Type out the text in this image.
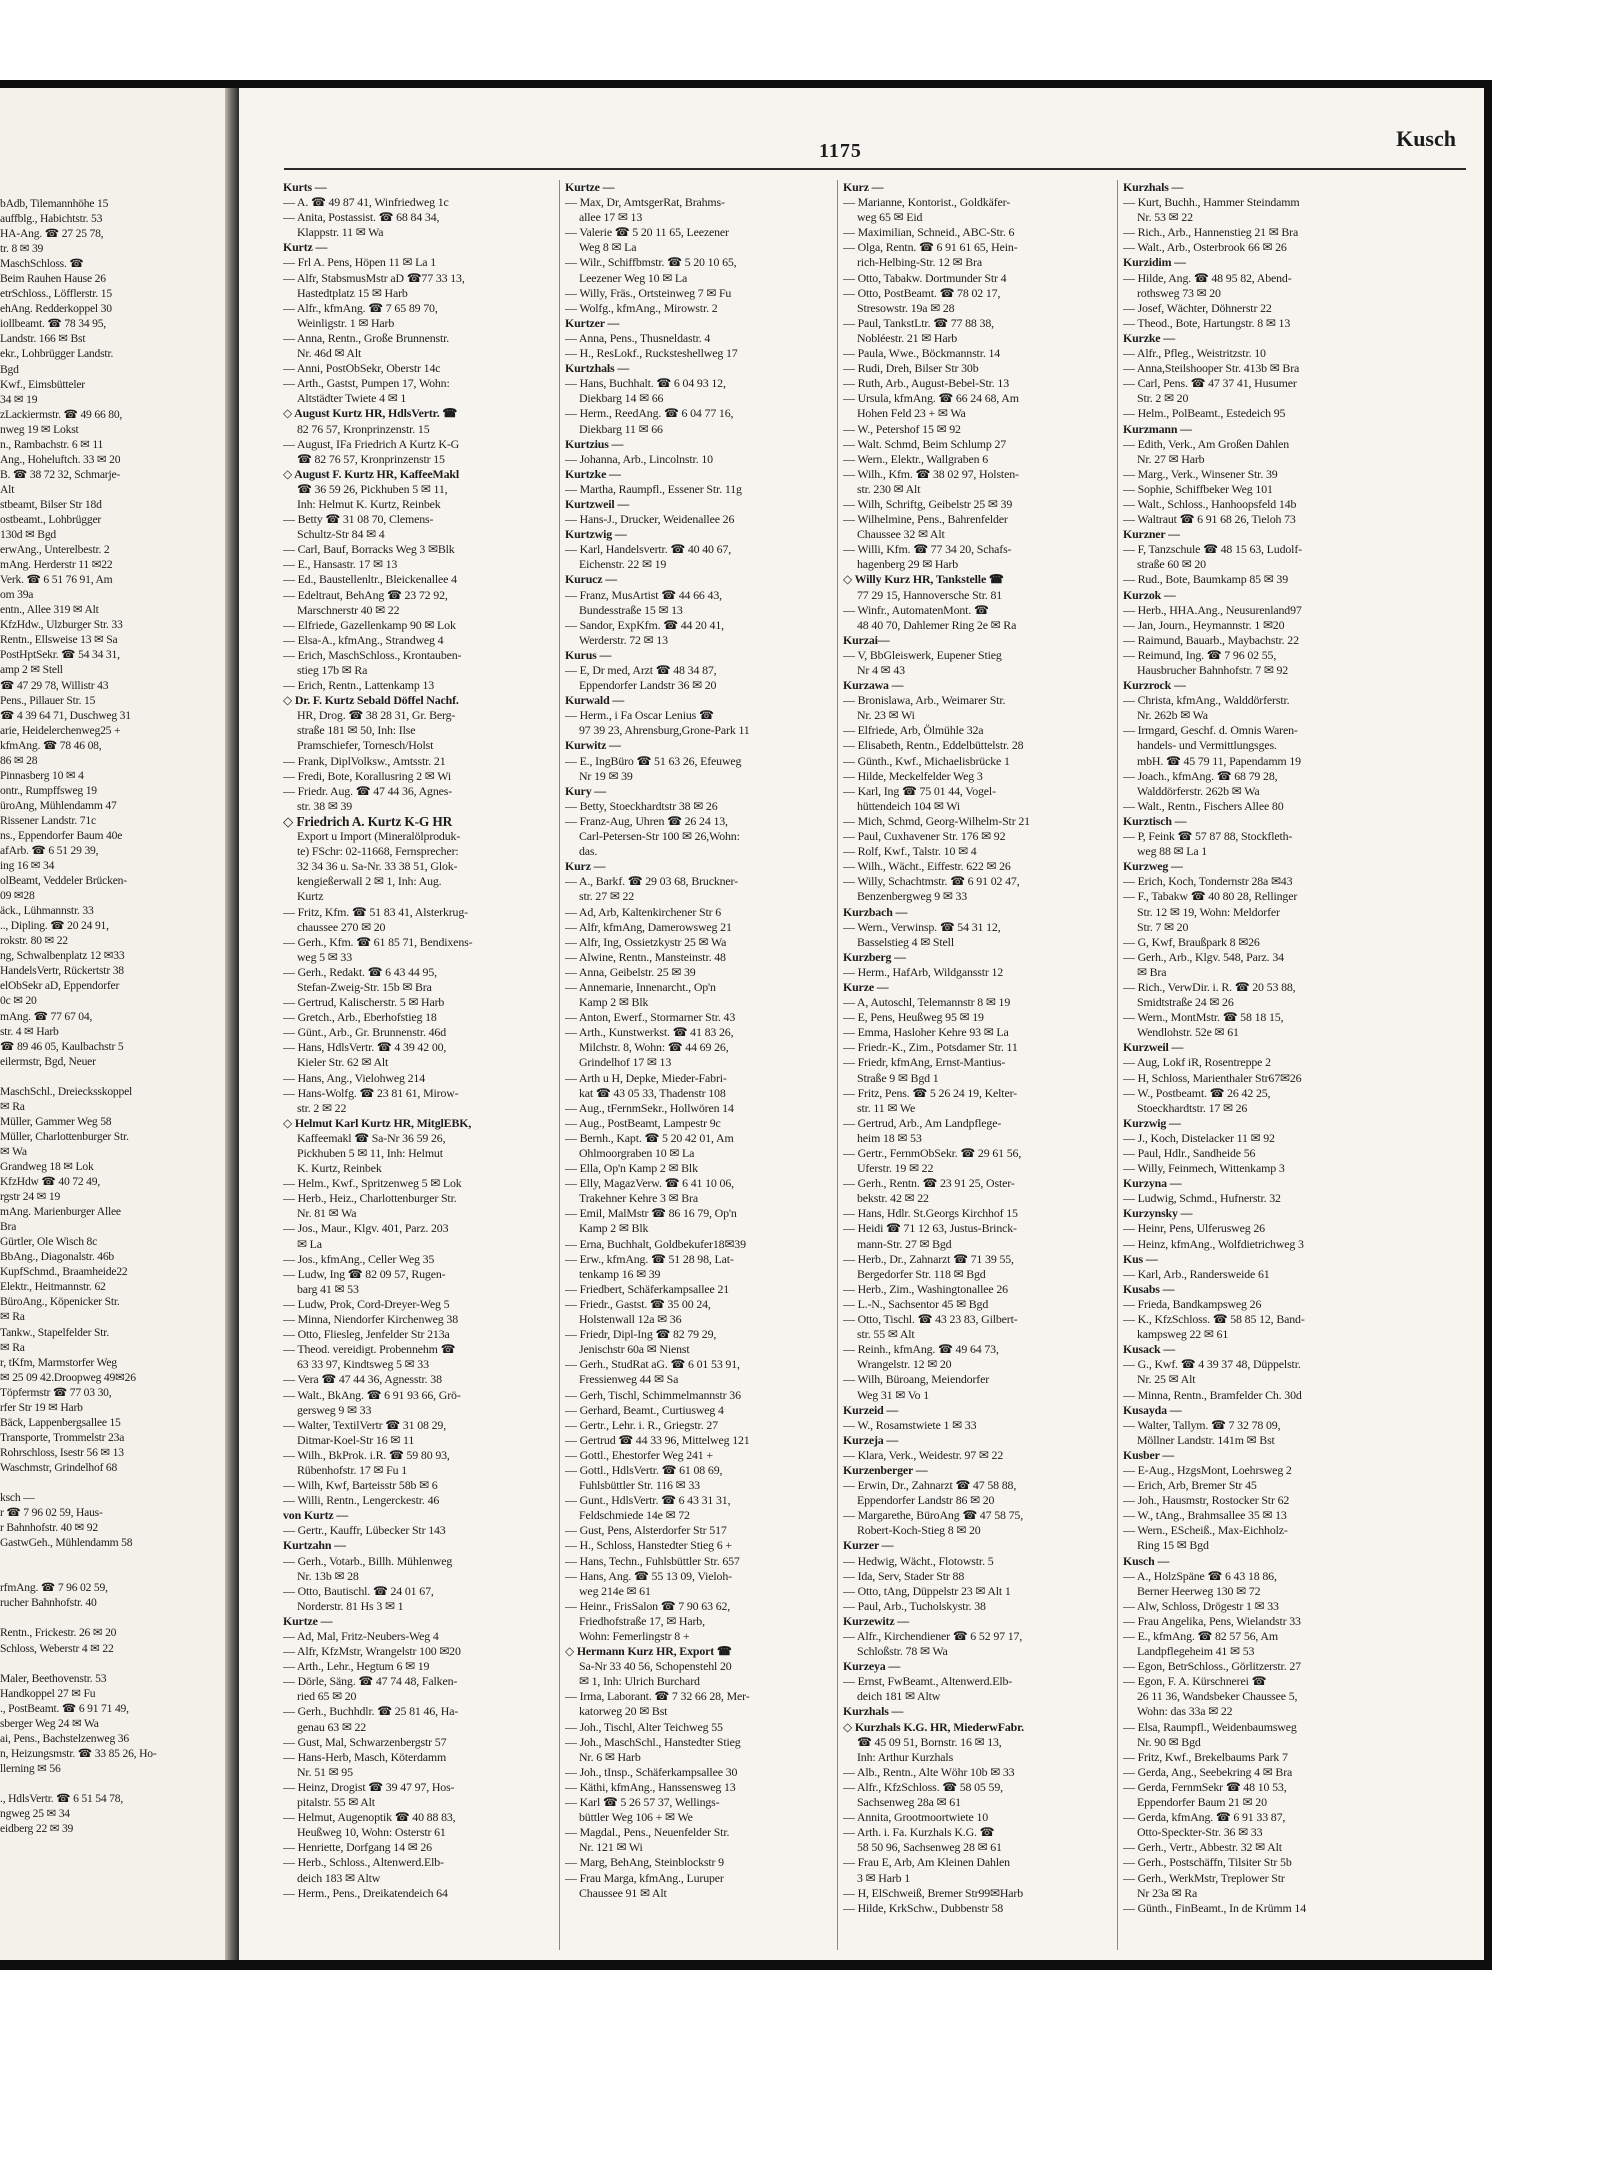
bAdb, Tilemannhöhe 15
auffblg., Habichtstr. 53
HA-Ang. ☎ 27 25 78,
tr. 8 ✉ 39
MaschSchloss. ☎
Beim Rauhen Hause 26
etrSchloss., Löfflerstr. 15
ehAng. Redderkoppel 30
iollbeamt. ☎ 78 34 95,
Landstr. 166 ✉ Bst
ekr., Lohbrügger Landstr.
Bgd
Kwf., Eimsbütteler
34 ✉ 19
zLackiermstr. ☎ 49 66 80,
nweg 19 ✉ Lokst
n., Rambachstr. 6 ✉ 11
Ang., Hoheluftch. 33 ✉ 20
B. ☎ 38 72 32, Schmarje-
Alt
stbeamt, Bilser Str 18d
ostbeamt., Lohbrügger
130d ✉ Bgd
erwAng., Unterelbestr. 2
mAng. Herderstr 11 ✉22
Verk. ☎ 6 51 76 91, Am
om 39a
entn., Allee 319 ✉ Alt
KfzHdw., Ulzburger Str. 33
Rentn., Ellsweise 13 ✉ Sa
PostHptSekr. ☎ 54 34 31,
amp 2 ✉ Stell
☎ 47 29 78, Willistr 43
Pens., Pillauer Str. 15
☎ 4 39 64 71, Duschweg 31
arie, Heidelerchenweg25 +
kfmAng. ☎ 78 46 08,
86 ✉ 28
Pinnasberg 10 ✉ 4
ontr., Rumpffsweg 19
ürоAng, Mühlendamm 47
Rissener Landstr. 71c
ns., Eppendorfer Baum 40e
afArb. ☎ 6 51 29 39,
ing 16 ✉ 34
olBeamt, Veddeler Brücken-
09 ✉28
äck., Lühmannstr. 33
.., Dipling. ☎ 20 24 91,
rokstr. 80 ✉ 22
ng, Schwalbenplatz 12 ✉33
HandelsVertr, Rückertstr 38
elObSekr aD, Eppendorfer
0c ✉ 20
mAng. ☎ 77 67 04,
str. 4 ✉ Harb
☎ 89 46 05, Kaulbachstr 5
eilermstr, Bgd, Neuer

MaschSchl., Dreiecksskoppel
✉ Ra
Müller, Gammer Weg 58
Müller, Charlottenburger Str.
✉ Wa
Grandweg 18 ✉ Lok
KfzHdw ☎ 40 72 49,
rgstr 24 ✉ 19
mAng. Marienburger Allee
Bra
Gürtler, Ole Wisch 8c
BbAng., Diagonalstr. 46b
KupfSchmd., Braamheide22
Elektr., Heitmannstr. 62
BüroAng., Köpenicker Str.
✉ Ra
Tankw., Stapelfelder Str.
✉ Ra
r, tKfm, Marmstorfer Weg
✉ 25 09 42.Droopweg 49✉26
Töpfermstr ☎ 77 03 30,
rfer Str 19 ✉ Harb
Bäck, Lappenbergsallee 15
Transporte, Trommelstr 23a
Rohrschloss, Isestr 56 ✉ 13
Waschmstr, Grindelhof 68

ksch —
r ☎ 7 96 02 59, Haus-
r Bahnhofstr. 40 ✉ 92
GastwGeh., Mühlendamm 58

rfmAng. ☎ 7 96 02 59,
rucher Bahnhofstr. 40

Rentn., Frickestr. 26 ✉ 20
Schloss, Weberstr 4 ✉ 22

Maler, Beethovenstr. 53
Handkoppel 27 ✉ Fu
., PostBeamt. ☎ 6 91 71 49,
sberger Weg 24 ✉ Wa
ai, Pens., Bachstelzenweg 36
n, Heizungsmstr. ☎ 33 85 26, Ho-
llerning ✉ 56

., HdlsVertr. ☎ 6 51 54 78,
ngweg 25 ✉ 34
eidberg 22 ✉ 39
1175	Kusch
Kurts —
— A. ☎ 49 87 41, Winfriedweg 1c
— Anita, Postassist. ☎ 68 84 34,
Klappstr. 11 ✉ Wa
Kurtz —
— Frl A. Pens, Höpen 11 ✉ La 1
— Alfr, StabsmusMstr aD ☎77 33 13,
Hastedtplatz 15 ✉ Harb
— Alfr., kfmAng. ☎ 7 65 89 70,
Weinligstr. 1 ✉ Harb
— Anna, Rentn., Große Brunnenstr.
Nr. 46d ✉ Alt
— Anni, PostObSekr, Oberstr 14c
— Arth., Gastst, Pumpen 17, Wohn:
Altstädter Twiete 4 ✉ 1
◇ August Kurtz HR, HdlsVertr. ☎
82 76 57, Kronprinzenstr. 15
— August, IFa Friedrich A Kurtz K-G
☎ 82 76 57, Kronprinzenstr 15
◇ August F. Kurtz HR, KaffeeMakl
☎ 36 59 26, Pickhuben 5 ✉ 11,
Inh: Helmut K. Kurtz, Reinbek
— Betty ☎ 31 08 70, Clemens-
Schultz-Str 84 ✉ 4
— Carl, Bauf, Borracks Weg 3 ✉Blk
— E., Hansastr. 17 ✉ 13
— Ed., Baustellenltr., Bleickenallee 4
— Edeltraut, BehAng ☎ 23 72 92,
Marschnerstr 40 ✉ 22
— Elfriede, Gazellenkamp 90 ✉ Lok
— Elsa-A., kfmAng., Strandweg 4
— Erich, MaschSchloss., Krontauben-
stieg 17b ✉ Ra
— Erich, Rentn., Lattenkamp 13
◇ Dr. F. Kurtz Sebald Döffel Nachf.
HR, Drog. ☎ 38 28 31, Gr. Berg-
straße 181 ✉ 50, Inh: Ilse
Pramschiefer, Tornesch/Holst
— Frank, DiplVolksw., Amtsstr. 21
— Fredi, Bote, Korallusring 2 ✉ Wi
— Friedr. Aug. ☎ 47 44 36, Agnes-
str. 38 ✉ 39
◇ Friedrich A. Kurtz K-G HR
Export u Import (Mineralölproduk-
te) FSchr: 02-11668, Fernsprecher:
32 34 36 u. Sa-Nr. 33 38 51, Glok-
kengießerwall 2 ✉ 1, Inh: Aug.
Kurtz
— Fritz, Kfm. ☎ 51 83 41, Alsterkrug-
chaussee 270 ✉ 20
— Gerh., Kfm. ☎ 61 85 71, Bendixens-
weg 5 ✉ 33
— Gerh., Redakt. ☎ 6 43 44 95,
Stefan-Zweig-Str. 15b ✉ Bra
— Gertrud, Kalischerstr. 5 ✉ Harb
— Gretch., Arb., Eberhofstieg 18
— Günt., Arb., Gr. Brunnenstr. 46d
— Hans, HdlsVertr. ☎ 4 39 42 00,
Kieler Str. 62 ✉ Alt
— Hans, Ang., Vielohweg 214
— Hans-Wolfg. ☎ 23 81 61, Mirow-
str. 2 ✉ 22
◇ Helmut Karl Kurtz HR, MitglEBK,
Kaffeemakl ☎ Sa-Nr 36 59 26,
Pickhuben 5 ✉ 11, Inh: Helmut
K. Kurtz, Reinbek
— Helm., Kwf., Spritzenweg 5 ✉ Lok
— Herb., Heiz., Charlottenburger Str.
Nr. 81 ✉ Wa
— Jos., Maur., Klgv. 401, Parz. 203
✉ La
— Jos., kfmAng., Celler Weg 35
— Ludw, Ing ☎ 82 09 57, Rugen-
barg 41 ✉ 53
— Ludw, Prok, Cord-Dreyer-Weg 5
— Minna, Niendorfer Kirchenweg 38
— Otto, Fliesleg, Jenfelder Str 213a
— Theod. vereidigt. Probennehm ☎
63 33 97, Kindtsweg 5 ✉ 33
— Vera ☎ 47 44 36, Agnesstr. 38
— Walt., BkAng. ☎ 6 91 93 66, Grö-
gersweg 9 ✉ 33
— Walter, TextilVertr ☎ 31 08 29,
Ditmar-Koel-Str 16 ✉ 11
— Wilh., BkProk. i.R. ☎ 59 80 93,
Rübenhofstr. 17 ✉ Fu 1
— Wilh, Kwf, Barteisstr 58b ✉ 6
— Willi, Rentn., Lengerckestr. 46
von Kurtz —
— Gertr., Kauffr, Lübecker Str 143
Kurtzahn —
— Gerh., Votarb., Billh. Mühlenweg
Nr. 13b ✉ 28
— Otto, Bautischl. ☎ 24 01 67,
Norderstr. 81 Hs 3 ✉ 1
Kurtze —
— Ad, Mal, Fritz-Neubers-Weg 4
— Alfr, KfzMstr, Wrangelstr 100 ✉20
— Arth., Lehr., Hegtum 6 ✉ 19
— Dörle, Säng. ☎ 47 74 48, Falken-
ried 65 ✉ 20
— Gerh., Buchhdlr. ☎ 25 81 46, Ha-
genau 63 ✉ 22
— Gust, Mal, Schwarzenbergstr 57
— Hans-Herb, Masch, Köterdamm
Nr. 51 ✉ 95
— Heinz, Drogist ☎ 39 47 97, Hos-
pitalstr. 55 ✉ Alt
— Helmut, Augenoptik ☎ 40 88 83,
Heußweg 10, Wohn: Osterstr 61
— Henriette, Dorfgang 14 ✉ 26
— Herb., Schloss., Altenwerd.Elb-
deich 183 ✉ Altw
— Herm., Pens., Dreikatendeich 64
Kurtze —
— Max, Dr, AmtsgerRat, Brahms-
allee 17 ✉ 13
— Valerie ☎ 5 20 11 65, Leezener
Weg 8 ✉ La
— Wilr., Schiffbmstr. ☎ 5 20 10 65,
Leezener Weg 10 ✉ La
— Willy, Fräs., Ortsteinweg 7 ✉ Fu
— Wolfg., kfmAng., Mirowstr. 2
Kurtzer —
— Anna, Pens., Thusneldastr. 4
— H., ResLokf., Rucksteshellweg 17
Kurtzhals —
— Hans, Buchhalt. ☎ 6 04 93 12,
Diekbarg 14 ✉ 66
— Herm., ReedAng. ☎ 6 04 77 16,
Diekbarg 11 ✉ 66
Kurtzius —
— Johanna, Arb., Lincolnstr. 10
Kurtzke —
— Martha, Raumpfl., Essener Str. 11g
Kurtzweil —
— Hans-J., Drucker, Weidenallee 26
Kurtzwig —
— Karl, Handelsvertr. ☎ 40 40 67,
Eichenstr. 22 ✉ 19
Kurucz —
— Franz, MusArtist ☎ 44 66 43,
Bundesstraße 15 ✉ 13
— Sandor, ExpKfm. ☎ 44 20 41,
Werderstr. 72 ✉ 13
Kurus —
— E, Dr med, Arzt ☎ 48 34 87,
Eppendorfer Landstr 36 ✉ 20
Kurwald —
— Herm., i Fa Oscar Lenius ☎
97 39 23, Ahrensburg,Grone-Park 11
Kurwitz —
— E., IngBüro ☎ 51 63 26, Efeuweg
Nr 19 ✉ 39
Kury —
— Betty, Stoeckhardtstr 38 ✉ 26
— Franz-Aug, Uhren ☎ 26 24 13,
Carl-Petersen-Str 100 ✉ 26,Wohn:
das.
Kurz —
— A., Barkf. ☎ 29 03 68, Bruckner-
str. 27 ✉ 22
— Ad, Arb, Kaltenkirchener Str 6
— Alfr, kfmAng, Damerowsweg 21
— Alfr, Ing, Ossietzkystr 25 ✉ Wa
— Alwine, Rentn., Mansteinstr. 48
— Anna, Geibelstr. 25 ✉ 39
— Annemarie, Innenarcht., Op'n
Kamp 2 ✉ Blk
— Anton, Ewerf., Stormarner Str. 43
— Arth., Kunstwerkst. ☎ 41 83 26,
Milchstr. 8, Wohn: ☎ 44 69 26,
Grindelhof 17 ✉ 13
— Arth u H, Depke, Mieder-Fabri-
kat ☎ 43 05 33, Thadenstr 108
— Aug., tFernmSekr., Hollwören 14
— Aug., PostBeamt, Lampestr 9c
— Bernh., Kapt. ☎ 5 20 42 01, Am
Ohlmoorgraben 10 ✉ La
— Ella, Op'n Kamp 2 ✉ Blk
— Elly, MagazVerw. ☎ 6 41 10 06,
Trakehner Kehre 3 ✉ Bra
— Emil, MalMstr ☎ 86 16 79, Op'n
Kamp 2 ✉ Blk
— Erna, Buchhalt, Goldbekufer18✉39
— Erw., kfmAng. ☎ 51 28 98, Lat-
tenkamp 16 ✉ 39
— Friedbert, Schäferkampsallee 21
— Friedr., Gastst. ☎ 35 00 24,
Holstenwall 12a ✉ 36
— Friedr, Dipl-Ing ☎ 82 79 29,
Jenischstr 60a ✉ Nienst
— Gerh., StudRat aG. ☎ 6 01 53 91,
Fressienweg 44 ✉ Sa
— Gerh, Tischl, Schimmelmannstr 36
— Gerhard, Beamt., Curtiusweg 4
— Gertr., Lehr. i. R., Griegstr. 27
— Gertrud ☎ 44 33 96, Mittelweg 121
— Gottl., Ehestorfer Weg 241 +
— Gottl., HdlsVertr. ☎ 61 08 69,
Fuhlsbüttler Str. 116 ✉ 33
— Gunt., HdlsVertr. ☎ 6 43 31 31,
Feldschmiede 14e ✉ 72
— Gust, Pens, Alsterdorfer Str 517
— H., Schloss, Hanstedter Stieg 6 +
— Hans, Techn., Fuhlsbüttler Str. 657
— Hans, Ang. ☎ 55 13 09, Vieloh-
weg 214e ✉ 61
— Heinr., FrisSalon ☎ 7 90 63 62,
Friedhofstraße 17, ✉ Harb,
Wohn: Femerlingstr 8 +
◇ Hermann Kurz HR, Export ☎
Sa-Nr 33 40 56, Schopenstehl 20
✉ 1, Inh: Ulrich Burchard
— Irma, Laborant. ☎ 7 32 66 28, Mer-
katorweg 20 ✉ Bst
— Joh., Tischl, Alter Teichweg 55
— Joh., MaschSchl., Hanstedter Stieg
Nr. 6 ✉ Harb
— Joh., tInsp., Schäferkampsallee 30
— Käthi, kfmAng., Hanssensweg 13
— Karl ☎ 5 26 57 37, Wellings-
büttler Weg 106 + ✉ We
— Magdal., Pens., Neuenfelder Str.
Nr. 121 ✉ Wi
— Marg, BehAng, Steinblockstr 9
— Frau Marga, kfmAng., Luruper
Chaussee 91 ✉ Alt
Kurz —
— Marianne, Kontorist., Goldkäfer-
weg 65 ✉ Eid
— Maximilian, Schneid., ABC-Str. 6
— Olga, Rentn. ☎ 6 91 61 65, Hein-
rich-Helbing-Str. 12 ✉ Bra
— Otto, Tabakw. Dortmunder Str 4
— Otto, PostBeamt. ☎ 78 02 17,
Stresowstr. 19a ✉ 28
— Paul, TankstLtr. ☎ 77 88 38,
Nobléestr. 21 ✉ Harb
— Paula, Wwe., Böckmannstr. 14
— Rudi, Dreh, Bilser Str 30b
— Ruth, Arb., August-Bebel-Str. 13
— Ursula, kfmAng. ☎ 66 24 68, Am
Hohen Feld 23 + ✉ Wa
— W., Petershof 15 ✉ 92
— Walt. Schmd, Beim Schlump 27
— Wern., Elektr., Wallgraben 6
— Wilh., Kfm. ☎ 38 02 97, Holsten-
str. 230 ✉ Alt
— Wilh, Schriftg, Geibelstr 25 ✉ 39
— Wilhelmine, Pens., Bahrenfelder
Chaussee 32 ✉ Alt
— Willi, Kfm. ☎ 77 34 20, Schafs-
hagenberg 29 ✉ Harb
◇ Willy Kurz HR, Tankstelle ☎
77 29 15, Hannoversche Str. 81
— Winfr., AutomatenMont. ☎
48 40 70, Dahlemer Ring 2e ✉ Ra
Kurzai—
— V, BbGleiswerk, Eupener Stieg
Nr 4 ✉ 43
Kurzawa —
— Bronislawa, Arb., Weimarer Str.
Nr. 23 ✉ Wi
— Elfriede, Arb, Ölmühle 32a
— Elisabeth, Rentn., Eddelbüttelstr. 28
— Günth., Kwf., Michaelisbrücke 1
— Hilde, Meckelfelder Weg 3
— Karl, Ing ☎ 75 01 44, Vogel-
hüttendeich 104 ✉ Wi
— Mich, Schmd, Georg-Wilhelm-Str 21
— Paul, Cuxhavener Str. 176 ✉ 92
— Rolf, Kwf., Talstr. 10 ✉ 4
— Wilh., Wächt., Eiffestr. 622 ✉ 26
— Willy, Schachtmstr. ☎ 6 91 02 47,
Benzenbergweg 9 ✉ 33
Kurzbach —
— Wern., Verwinsp. ☎ 54 31 12,
Basselstieg 4 ✉ Stell
Kurzberg —
— Herm., HafArb, Wildgansstr 12
Kurze —
— A, Autoschl, Telemannstr 8 ✉ 19
— E, Pens, Heußweg 95 ✉ 19
— Emma, Hasloher Kehre 93 ✉ La
— Friedr.-K., Zim., Potsdamer Str. 11
— Friedr, kfmAng, Ernst-Mantius-
Straße 9 ✉ Bgd 1
— Fritz, Pens. ☎ 5 26 24 19, Kelter-
str. 11 ✉ We
— Gertrud, Arb., Am Landpflege-
heim 18 ✉ 53
— Gertr., FernmObSekr. ☎ 29 61 56,
Uferstr. 19 ✉ 22
— Gerh., Rentn. ☎ 23 91 25, Oster-
bekstr. 42 ✉ 22
— Hans, Hdlr. St.Georgs Kirchhof 15
— Heidi ☎ 71 12 63, Justus-Brinck-
mann-Str. 27 ✉ Bgd
— Herb., Dr., Zahnarzt ☎ 71 39 55,
Bergedorfer Str. 118 ✉ Bgd
— Herb., Zim., Washingtonallee 26
— L.-N., Sachsentor 45 ✉ Bgd
— Otto, Tischl. ☎ 43 23 83, Gilbert-
str. 55 ✉ Alt
— Reinh., kfmAng. ☎ 49 64 73,
Wrangelstr. 12 ✉ 20
— Wilh, Büroang, Meiendorfer
Weg 31 ✉ Vo 1
Kurzeid —
— W., Rosamstwiete 1 ✉ 33
Kurzeja —
— Klara, Verk., Weidestr. 97 ✉ 22
Kurzenberger —
— Erwin, Dr., Zahnarzt ☎ 47 58 88,
Eppendorfer Landstr 86 ✉ 20
— Margarethe, BüroAng ☎ 47 58 75,
Robert-Koch-Stieg 8 ✉ 20
Kurzer —
— Hedwig, Wächt., Flotowstr. 5
— Ida, Serv, Stader Str 88
— Otto, tAng, Düppelstr 23 ✉ Alt 1
— Paul, Arb., Tucholskystr. 38
Kurzewitz —
— Alfr., Kirchendiener ☎ 6 52 97 17,
Schloßstr. 78 ✉ Wa
Kurzeya —
— Ernst, FwBeamt., Altenwerd.Elb-
deich 181 ✉ Altw
Kurzhals —
◇ Kurzhals K.G. HR, MiederwFabr.
☎ 45 09 51, Bornstr. 16 ✉ 13,
Inh: Arthur Kurzhals
— Alb., Rentn., Alte Wöhr 10b ✉ 33
— Alfr., KfzSchloss. ☎ 58 05 59,
Sachsenweg 28a ✉ 61
— Annita, Grootmoortwiete 10
— Arth. i. Fa. Kurzhals K.G. ☎
58 50 96, Sachsenweg 28 ✉ 61
— Frau E, Arb, Am Kleinen Dahlen
3 ✉ Harb 1
— H, ElSchweiß, Bremer Str99✉Harb
— Hilde, KrkSchw., Dubbenstr 58
Kurzhals —
— Kurt, Buchh., Hammer Steindamm
Nr. 53 ✉ 22
— Rich., Arb., Hannenstieg 21 ✉ Bra
— Walt., Arb., Osterbrook 66 ✉ 26
Kurzidim —
— Hilde, Ang. ☎ 48 95 82, Abend-
rothsweg 73 ✉ 20
— Josef, Wächter, Döhnerstr 22
— Theod., Bote, Hartungstr. 8 ✉ 13
Kurzke —
— Alfr., Pfleg., Weistritzstr. 10
— Anna,Steilshooper Str. 413b ✉ Bra
— Carl, Pens. ☎ 47 37 41, Husumer
Str. 2 ✉ 20
— Helm., PolBeamt., Estedeich 95
Kurzmann —
— Edith, Verk., Am Großen Dahlen
Nr. 27 ✉ Harb
— Marg., Verk., Winsener Str. 39
— Sophie, Schiffbeker Weg 101
— Walt., Schloss., Hanhoopsfeld 14b
— Waltraut ☎ 6 91 68 26, Tieloh 73
Kurzner —
— F, Tanzschule ☎ 48 15 63, Ludolf-
straße 60 ✉ 20
— Rud., Bote, Baumkamp 85 ✉ 39
Kurzok —
— Herb., HHA.Ang., Neusurenland97
— Jan, Journ., Heymannstr. 1 ✉20
— Raimund, Bauarb., Maybachstr. 22
— Reimund, Ing. ☎ 7 96 02 55,
Hausbrucher Bahnhofstr. 7 ✉ 92
Kurzrock —
— Christa, kfmAng., Walddörferstr.
Nr. 262b ✉ Wa
— Irmgard, Geschf. d. Omnis Waren-
handels- und Vermittlungsges.
mbH. ☎ 45 79 11, Papendamm 19
— Joach., kfmAng. ☎ 68 79 28,
Walddörferstr. 262b ✉ Wa
— Walt., Rentn., Fischers Allee 80
Kurztisch —
— P, Feink ☎ 57 87 88, Stockfleth-
weg 88 ✉ La 1
Kurzweg —
— Erich, Koch, Tondernstr 28a ✉43
— F., Tabakw ☎ 40 80 28, Rellinger
Str. 12 ✉ 19, Wohn: Meldorfer
Str. 7 ✉ 20
— G, Kwf, Braußpark 8 ✉26
— Gerh., Arb., Klgv. 548, Parz. 34
✉ Bra
— Rich., VerwDir. i. R. ☎ 20 53 88,
Smidtstraße 24 ✉ 26
— Wern., MontMstr. ☎ 58 18 15,
Wendlohstr. 52e ✉ 61
Kurzweil —
— Aug, Lokf iR, Rosentreppe 2
— H, Schloss, Marienthaler Str67✉26
— W., Postbeamt. ☎ 26 42 25,
Stoeckhardtstr. 17 ✉ 26
Kurzwig —
— J., Koch, Distelacker 11 ✉ 92
— Paul, Hdlr., Sandheide 56
— Willy, Feinmech, Wittenkamp 3
Kurzyna —
— Ludwig, Schmd., Hufnerstr. 32
Kurzynsky —
— Heinr, Pens, Ulferusweg 26
— Heinz, kfmAng., Wolfdietrichweg 3
Kus —
— Karl, Arb., Randersweide 61
Kusabs —
— Frieda, Bandkampsweg 26
— K., KfzSchloss. ☎ 58 85 12, Band-
kampsweg 22 ✉ 61
Kusack —
— G., Kwf. ☎ 4 39 37 48, Düppelstr.
Nr. 25 ✉ Alt
— Minna, Rentn., Bramfelder Ch. 30d
Kusayda —
— Walter, Tallym. ☎ 7 32 78 09,
Möllner Landstr. 141m ✉ Bst
Kusber —
— E-Aug., HzgsMont, Loehrsweg 2
— Erich, Arb, Bremer Str 45
— Joh., Hausmstr, Rostocker Str 62
— W., tAng., Brahmsallee 35 ✉ 13
— Wern., EScheiß., Max-Eichholz-
Ring 15 ✉ Bgd
Kusch —
— A., HolzSpäne ☎ 6 43 18 86,
Berner Heerweg 130 ✉ 72
— Alw, Schloss, Drögestr 1 ✉ 33
— Frau Angelika, Pens, Wielandstr 33
— E., kfmAng. ☎ 82 57 56, Am
Landpflegeheim 41 ✉ 53
— Egon, BetrSchloss., Görlitzerstr. 27
— Egon, F. A. Kürschnerei ☎
26 11 36, Wandsbeker Chaussee 5,
Wohn: das 33a ✉ 22
— Elsa, Raumpfl., Weidenbaumsweg
Nr. 90 ✉ Bgd
— Fritz, Kwf., Brekelbaums Park 7
— Gerda, Ang., Seebekring 4 ✉ Bra
— Gerda, FernmSekr ☎ 48 10 53,
Eppendorfer Baum 21 ✉ 20
— Gerda, kfmAng. ☎ 6 91 33 87,
Otto-Speckter-Str. 36 ✉ 33
— Gerh., Vertr., Abbestr. 32 ✉ Alt
— Gerh., Postschäffn, Tilsiter Str 5b
— Gerh., WerkMstr, Treplower Str
Nr 23a ✉ Ra
— Günth., FinBeamt., In de Krümm 14
